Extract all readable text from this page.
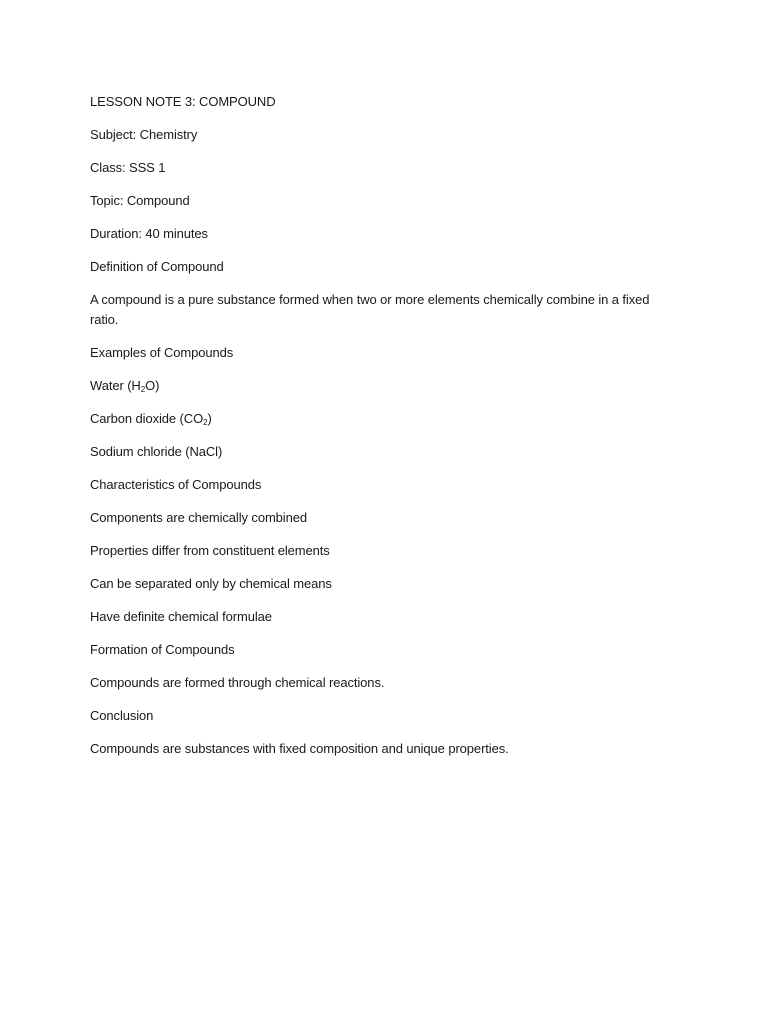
LESSON NOTE 3: COMPOUND

Subject: Chemistry

Class: SSS 1

Topic: Compound

Duration: 40 minutes

Definition of Compound

A compound is a pure substance formed when two or more elements chemically combine in a fixed ratio.

Examples of Compounds

Water $(H_2O)$

Carbon dioxide $(CO_2)$

Sodium chloride (NaCl)

Characteristics of Compounds

Components are chemically combined

Properties differ from constituent elements

Can be separated only by chemical means

Have definite chemical formulae

Formation of Compounds

Compounds are formed through chemical reactions.

Conclusion

Compounds are substances with fixed composition and unique properties.
